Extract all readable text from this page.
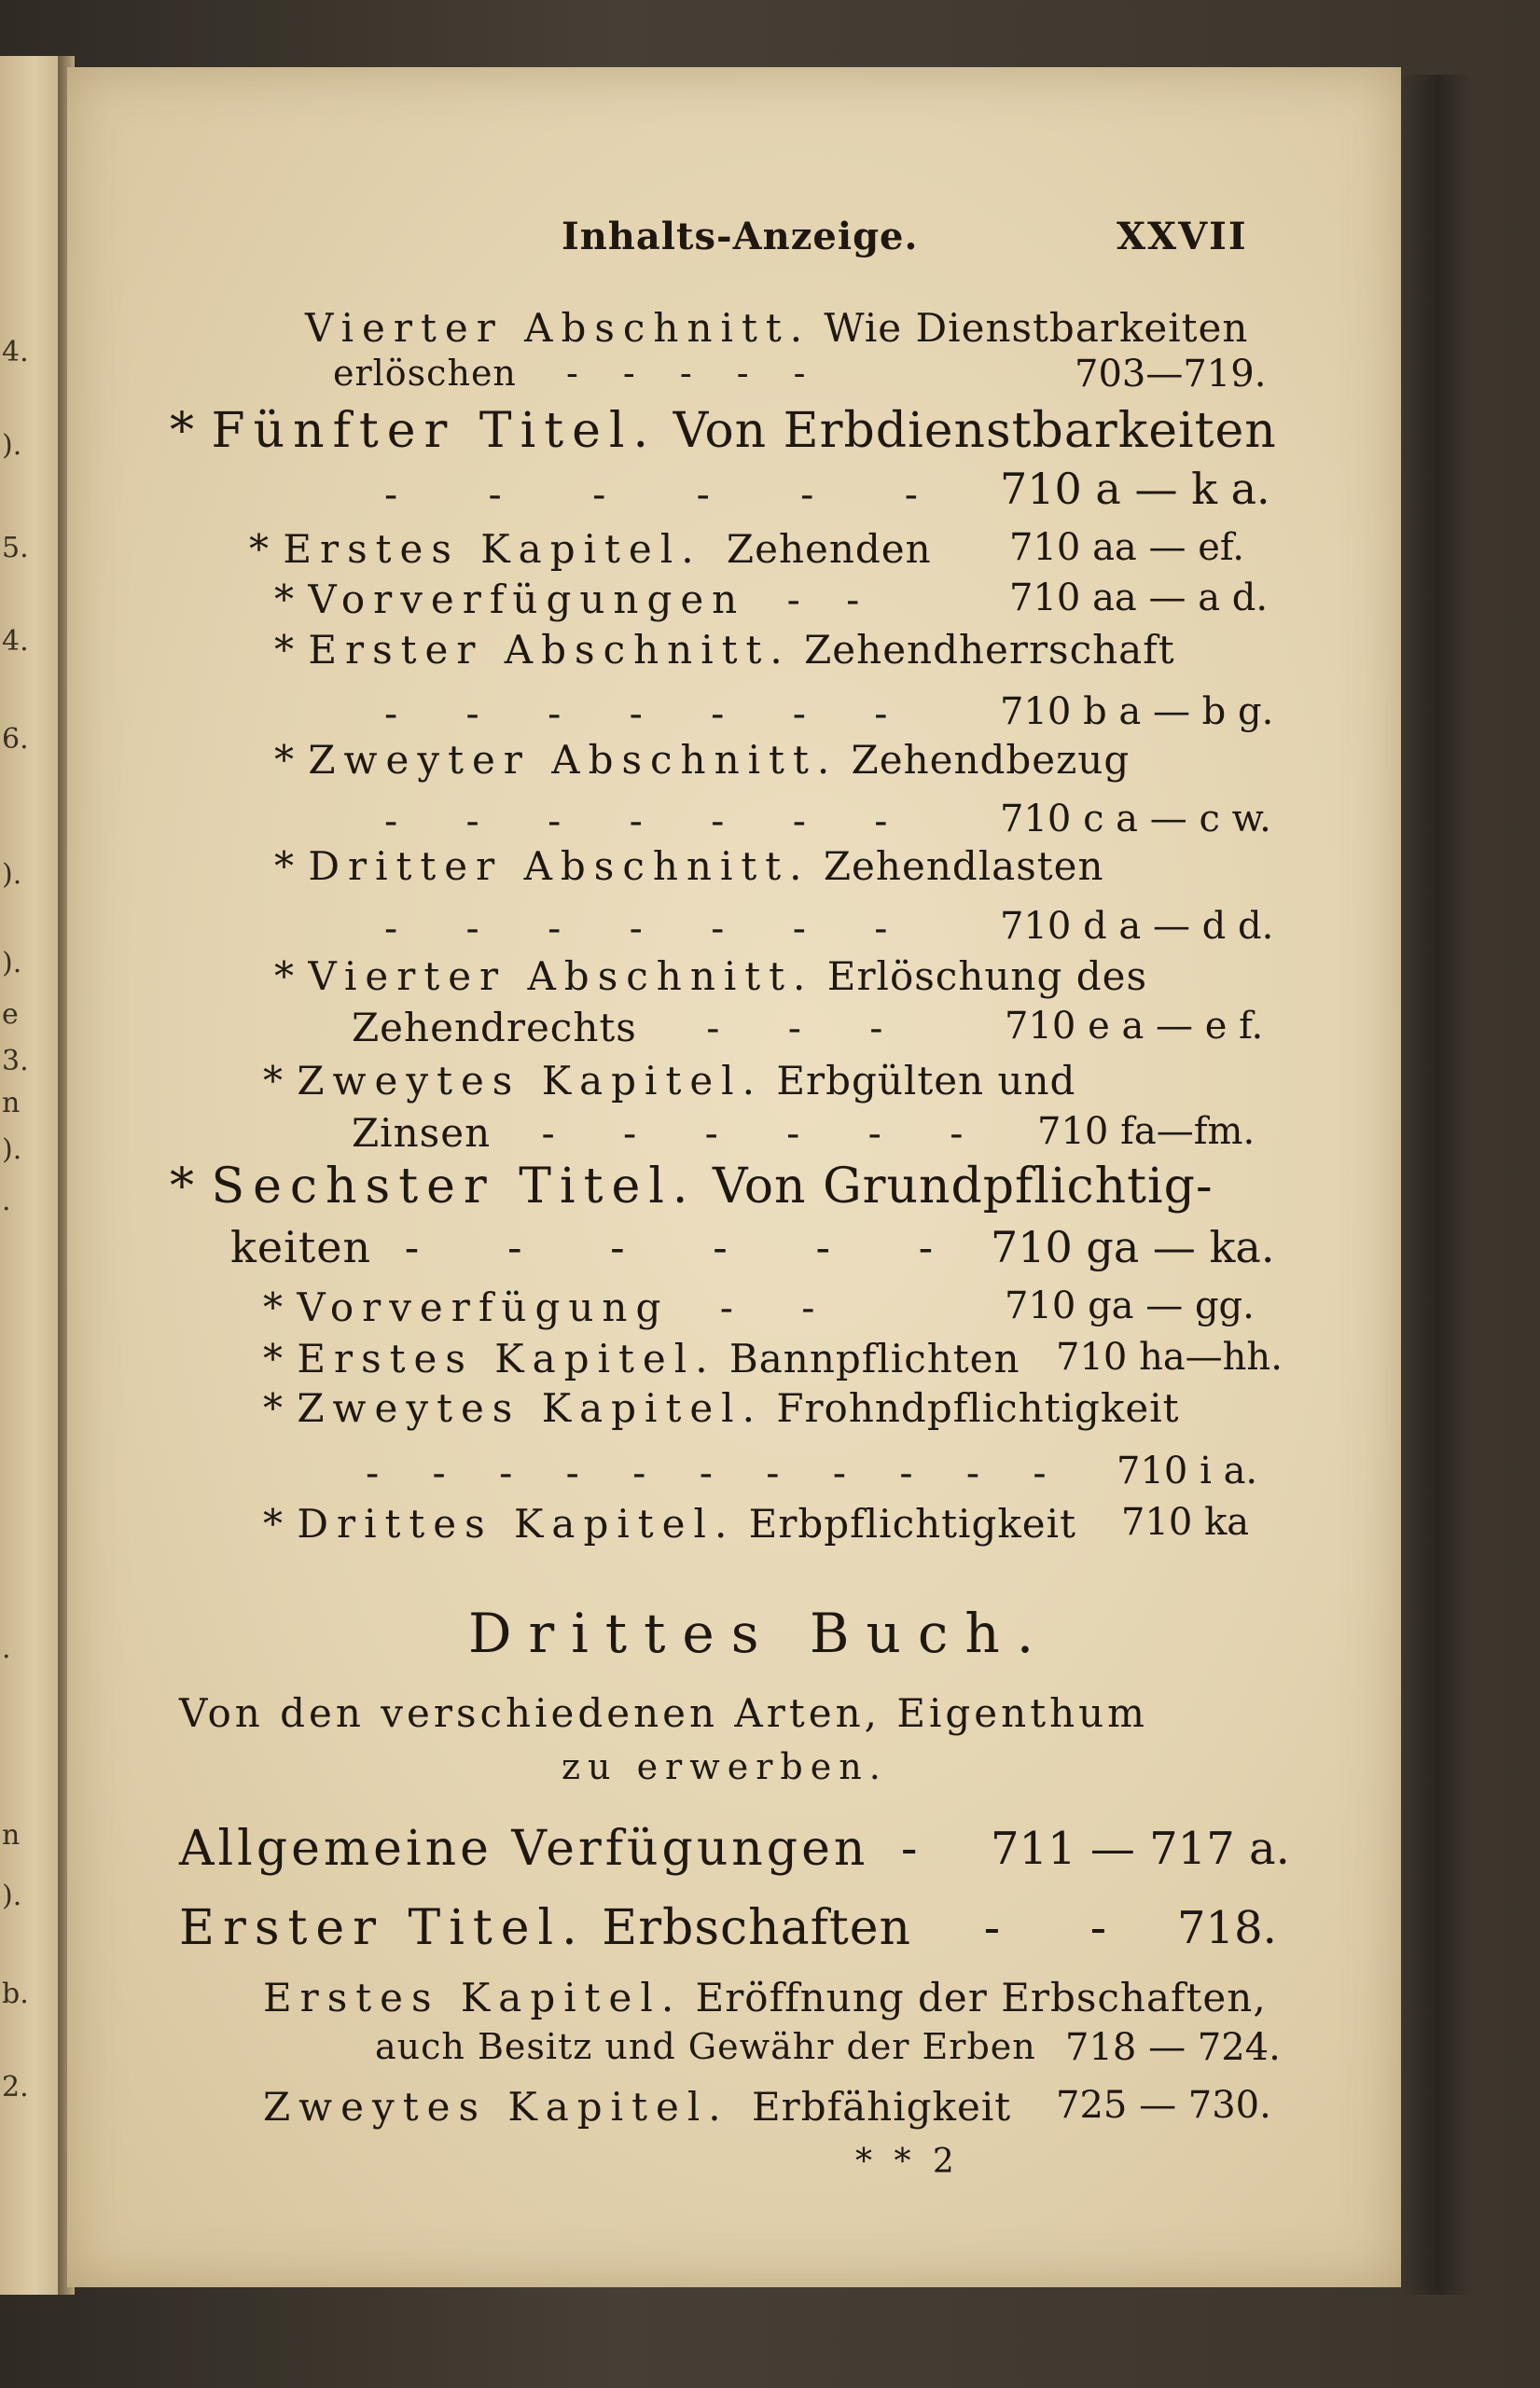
4.
).
5.
4.
6.
).
).
e
3.
n
).
.
.
n
).
b.
2.
Inhalts-Anzeige.	XXVII
Vierter Abschnitt. Wie Dienstbarkeiten
erlöschen - - - - -	703—719.
* Fünfter Titel. Von Erbdienstbarkeiten
- - - - - - 710 a — k a.
* Erstes Kapitel. Zehenden 710 aa — ef.
* Vorverfügungen - -	710 aa — a d.
* Erster Abschnitt. Zehendherrschaft
- - - - - - - 710 b a — b g.
* Zweyter Abschnitt. Zehendbezug
- - - - - - - 710 c a — c w.
* Dritter Abschnitt. Zehendlasten
- - - - - - - 710 d a — d d.
* Vierter Abschnitt. Erlöschung des
Zehendrechts - - -	710 e a — e f.
* Zweytes Kapitel. Erbgülten und
Zinsen - - - - - - 710 fa—fm.
* Sechster Titel. Von Grundpflichtig-
keiten - - - - - - 710 ga — ka.
* Vorverfügung - -	710 ga — gg.
* Erstes Kapitel. Bannpflichten 710 ha—hh.
* Zweytes Kapitel. Frohndpflichtigkeit
- - - - - - - - - - - 710 i a.
* Drittes Kapitel. Erbpflichtigkeit 710 ka
Drittes Buch.
Von den verschiedenen Arten, Eigenthum
zu erwerben.
Allgemeine Verfügungen - 711 — 717 a.
Erster Titel. Erbschaften - - 718.
Erstes Kapitel. Eröffnung der Erbschaften,
auch Besitz und Gewähr der Erben 718 — 724.
Zweytes Kapitel. Erbfähigkeit 725 — 730.
* * 2
